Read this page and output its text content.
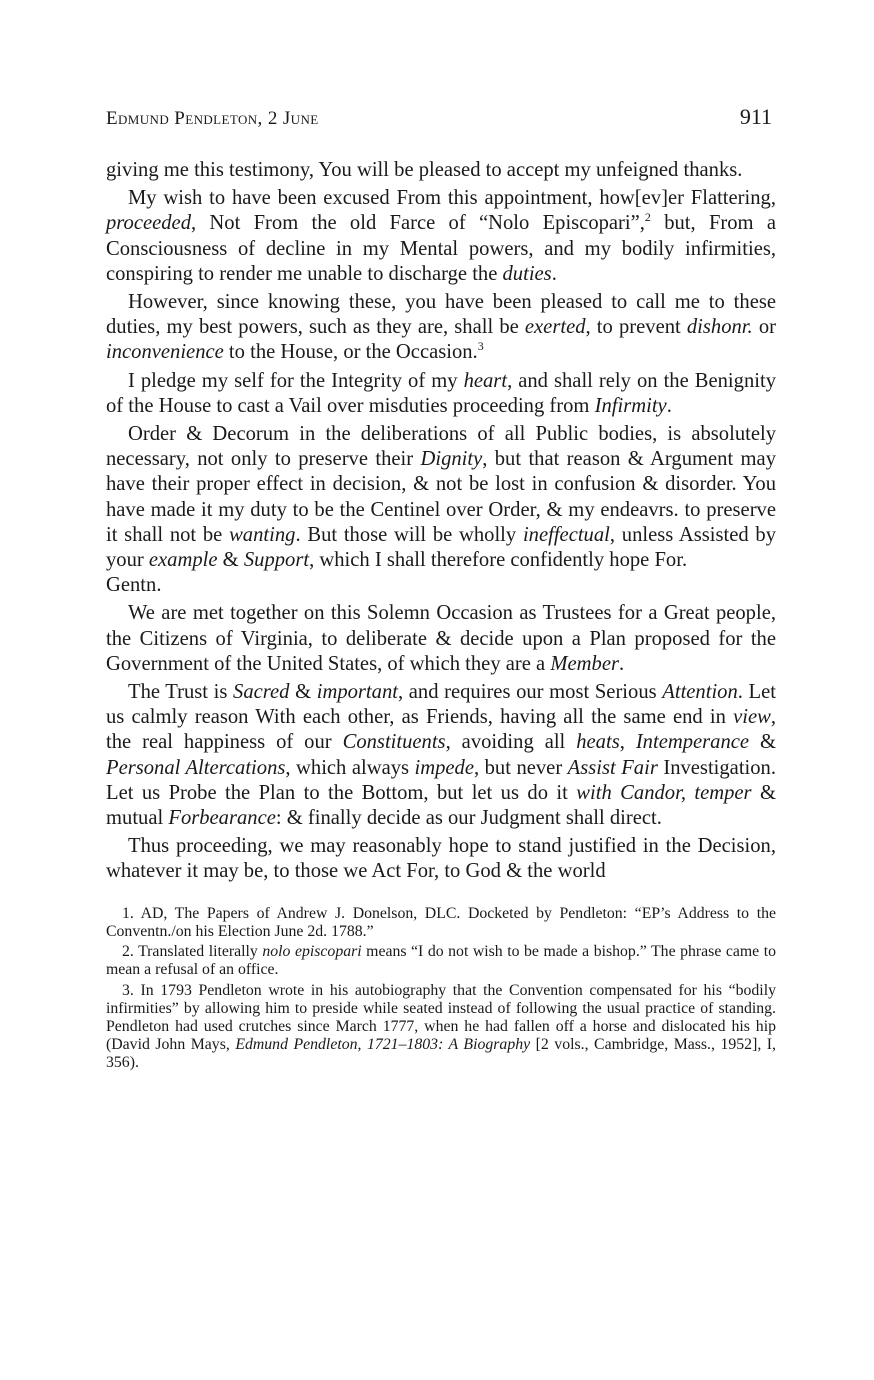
Edmund Pendleton, 2 June	911

giving me this testimony, You will be pleased to accept my unfeigned thanks.

My wish to have been excused From this appointment, how[ev]er Flattering, proceeded, Not From the old Farce of “Nolo Episcopari”,$^2$ but, From a Consciousness of decline in my Mental powers, and my bodily infirmities, conspiring to render me unable to discharge the duties.

However, since knowing these, you have been pleased to call me to these duties, my best powers, such as they are, shall be exerted, to prevent dishonr. or inconvenience to the House, or the Occasion.$^3$

I pledge my self for the Integrity of my heart, and shall rely on the Benignity of the House to cast a Vail over misduties proceeding from Infirmity.

Order & Decorum in the deliberations of all Public bodies, is absolutely necessary, not only to preserve their Dignity, but that reason & Argument may have their proper effect in decision, & not be lost in confusion & disorder. You have made it my duty to be the Centinel over Order, & my endeavrs. to preserve it shall not be wanting. But those will be wholly ineffectual, unless Assisted by your example & Support, which I shall therefore confidently hope For.

Gentn.

We are met together on this Solemn Occasion as Trustees for a Great people, the Citizens of Virginia, to deliberate & decide upon a Plan proposed for the Government of the United States, of which they are a Member.

The Trust is Sacred & important, and requires our most Serious Attention. Let us calmly reason With each other, as Friends, having all the same end in view, the real happiness of our Constituents, avoiding all heats, Intemperance & Personal Altercations, which always impede, but never Assist Fair Investigation. Let us Probe the Plan to the Bottom, but let us do it with Candor, temper & mutual Forbearance: & finally decide as our Judgment shall direct.

Thus proceeding, we may reasonably hope to stand justified in the Decision, whatever it may be, to those we Act For, to God & the world

1. AD, The Papers of Andrew J. Donelson, DLC. Docketed by Pendleton: “EP’s Address to the Conventn./on his Election June 2d. 1788.”

2. Translated literally nolo episcopari means “I do not wish to be made a bishop.” The phrase came to mean a refusal of an office.

3. In 1793 Pendleton wrote in his autobiography that the Convention compensated for his “bodily infirmities” by allowing him to preside while seated instead of following the usual practice of standing. Pendleton had used crutches since March 1777, when he had fallen off a horse and dislocated his hip (David John Mays, Edmund Pendleton, 1721–1803: A Biography [2 vols., Cambridge, Mass., 1952], I, 356).
